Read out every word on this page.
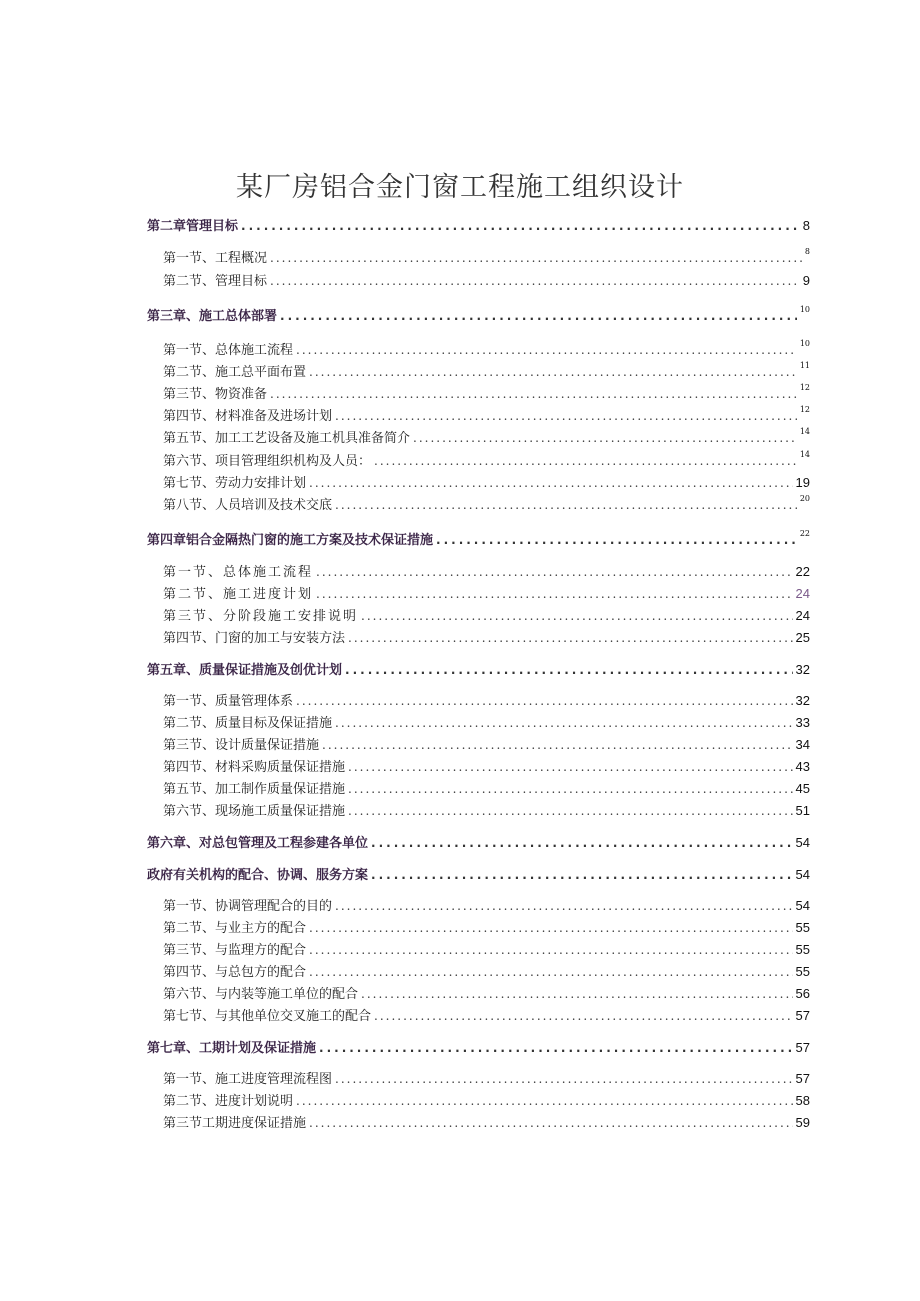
某厂房铝合金门窗工程施工组织设计
第二章管理目标 .....	8
第一节、工程概况 .....	8
第二节、管理目标 .....	9
第三章、施工总体部署 .....	10
第一节、总体施工流程 .....	10
第二节、施工总平面布置 .....	11
第三节、物资准备 .....	12
第四节、材料准备及进场计划 .....	12
第五节、加工工艺设备及施工机具准备简介 .....	14
第六节、项目管理组织机构及人员： .....	14
第七节、劳动力安排计划 .....	19
第八节、人员培训及技术交底 .....	20
第四章铝合金隔热门窗的施工方案及技术保证措施 .....	22
第一节、总体施工流程 .....	22
第二节、施工进度计划 .....	24
第三节、分阶段施工安排说明 .....	24
第四节、门窗的加工与安装方法 .....	25
第五章、质量保证措施及创优计划 .....	32
第一节、质量管理体系 .....	32
第二节、质量目标及保证措施 .....	33
第三节、设计质量保证措施 .....	34
第四节、材料采购质量保证措施 .....	43
第五节、加工制作质量保证措施 .....	45
第六节、现场施工质量保证措施 .....	51
第六章、对总包管理及工程参建各单位 .....	54
政府有关机构的配合、协调、服务方案 .....	54
第一节、协调管理配合的目的 .....	54
第二节、与业主方的配合 .....	55
第三节、与监理方的配合 .....	55
第四节、与总包方的配合 .....	55
第六节、与内装等施工单位的配合 .....	56
第七节、与其他单位交叉施工的配合 .....	57
第七章、工期计划及保证措施 .....	57
第一节、施工进度管理流程图 .....	57
第二节、进度计划说明 .....	58
第三节工期进度保证措施 .....	59
